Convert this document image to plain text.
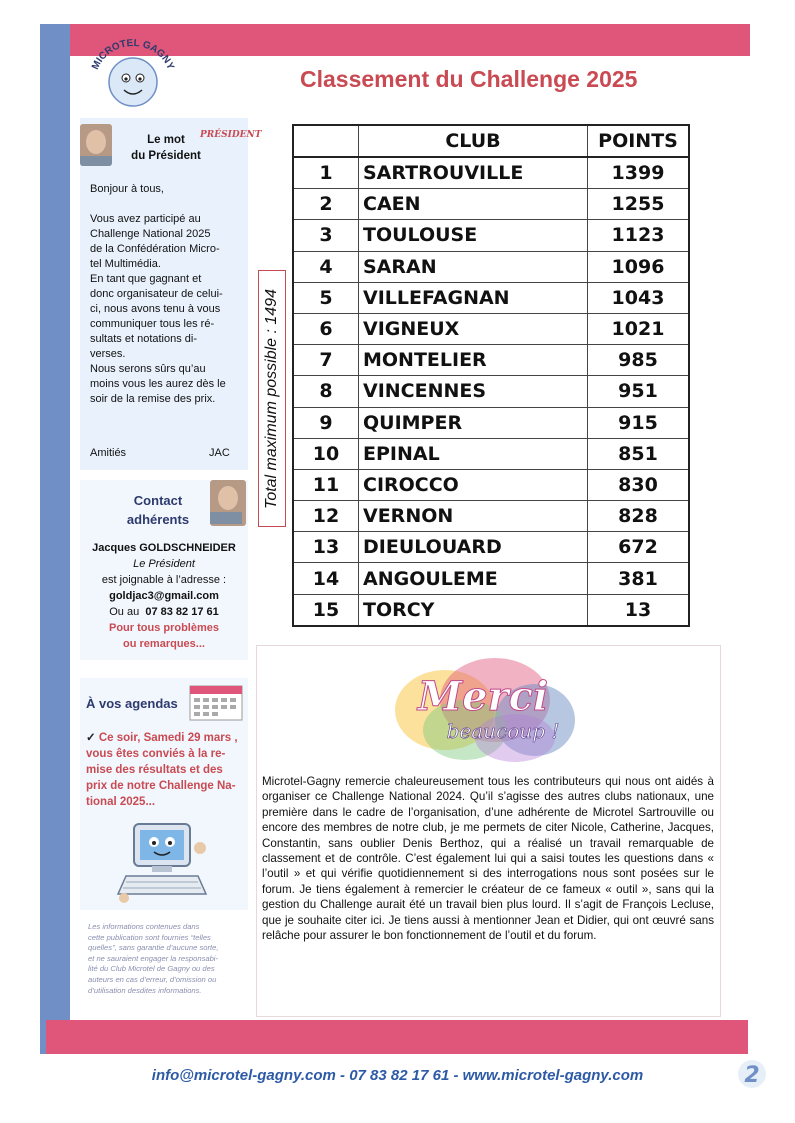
MICROTEL GAGNY	Classement du Challenge 2025
Le mot
du Président
PRÉSIDENT
Bonjour à tous,
Vous avez participé au
Challenge National 2025
de la Confédération Micro-
tel Multimédia.
En tant que gagnant et
donc organisateur de celui-
ci, nous avons tenu à vous
communiquer tous les ré-
sultats et notations di-
verses.
Nous serons sûrs qu’au
moins vous les aurez dès le
soir de la remise des prix.
Amitiés	JAC
Contact
adhérents
Jacques GOLDSCHNEIDER
Le Président
est joignable à l’adresse :
goldjac3@gmail.com
Ou au 07 83 82 17 61
Pour tous problèmes
ou remarques...
À vos agendas
✓ Ce soir, Samedi 29 mars ,
vous êtes conviés à la re-
mise des résultats et des
prix de notre Challenge Na-
tional 2025...
Les informations contenues dans
cette publication sont fournies “telles
quelles”, sans garantie d’aucune sorte,
et ne sauraient engager la responsabi-
lité du Club Microtel de Gagny ou des
auteurs en cas d’erreur, d’omission ou
d’utilisation desdites informations.
Total maximum possible : 1494
	CLUB	POINTS
1	SARTROUVILLE	1399
2	CAEN	1255
3	TOULOUSE	1123
4	SARAN	1096
5	VILLEFAGNAN	1043
6	VIGNEUX	1021
7	MONTELIER	985
8	VINCENNES	951
9	QUIMPER	915
10	EPINAL	851
11	CIROCCO	830
12	VERNON	828
13	DIEULOUARD	672
14	ANGOULEME	381
15	TORCY	13
Merci
beaucoup !
Microtel-Gagny remercie chaleureusement tous les contributeurs qui nous ont aidés à organiser ce Challenge National 2024. Qu’il s’agisse des autres clubs nationaux, une première dans le cadre de l’organisation, d’une adhérente de Microtel Sartrouville ou encore des membres de notre club, je me permets de citer Nicole, Catherine, Jacques, Constantin, sans oublier Denis Berthoz, qui a réalisé un travail remarquable de classement et de contrôle. C’est également lui qui a saisi toutes les questions dans « l’outil » et qui vérifie quotidiennement si des interrogations nous sont posées sur le forum. Je tiens également à remercier le créateur de ce fameux « outil », sans qui la gestion du Challenge aurait été un travail bien plus lourd. Il s’agit de François Lecluse, que je souhaite citer ici. Je tiens aussi à mentionner Jean et Didier, qui ont œuvré sans relâche pour assurer le bon fonctionnement de l’outil et du forum.
info@microtel-gagny.com - 07 83 82 17 61 - www.microtel-gagny.com	2
